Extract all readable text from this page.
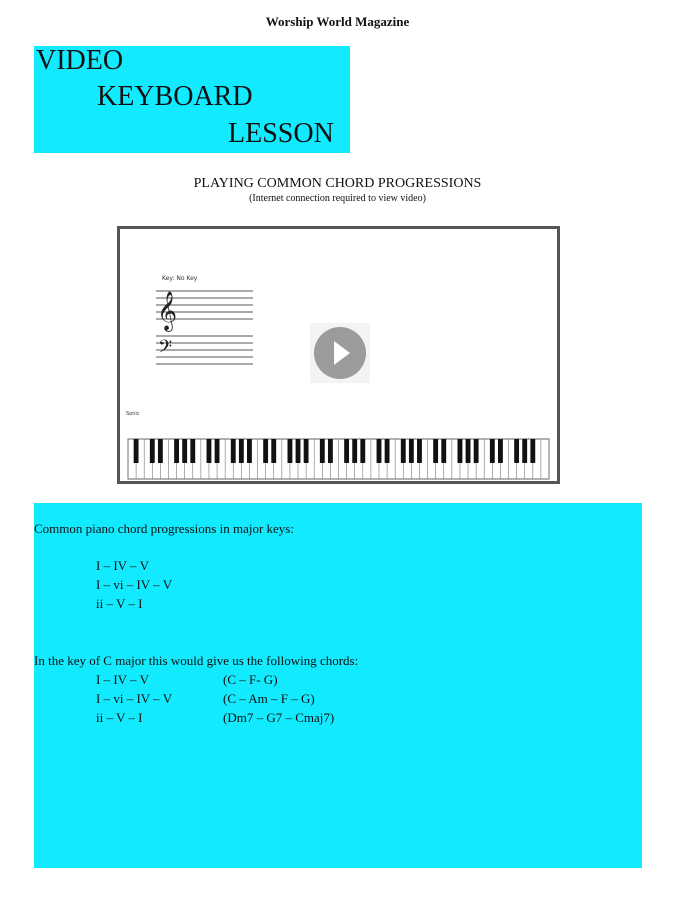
Worship World Magazine
VIDEO
KEYBOARD
LESSON
PLAYING COMMON CHORD PROGRESSIONS
(Internet connection required to view video)
Key: No Key
𝄞
𝄢
Sonic
Common piano chord progressions in major keys:
I – IV – V
I – vi – IV – V
ii – V – I
In the key of C major this would give us the following chords:
I – IV – V	(C – F- G)
I – vi – IV – V	(C – Am – F – G)
ii – V – I	(Dm7 – G7 – Cmaj7)
